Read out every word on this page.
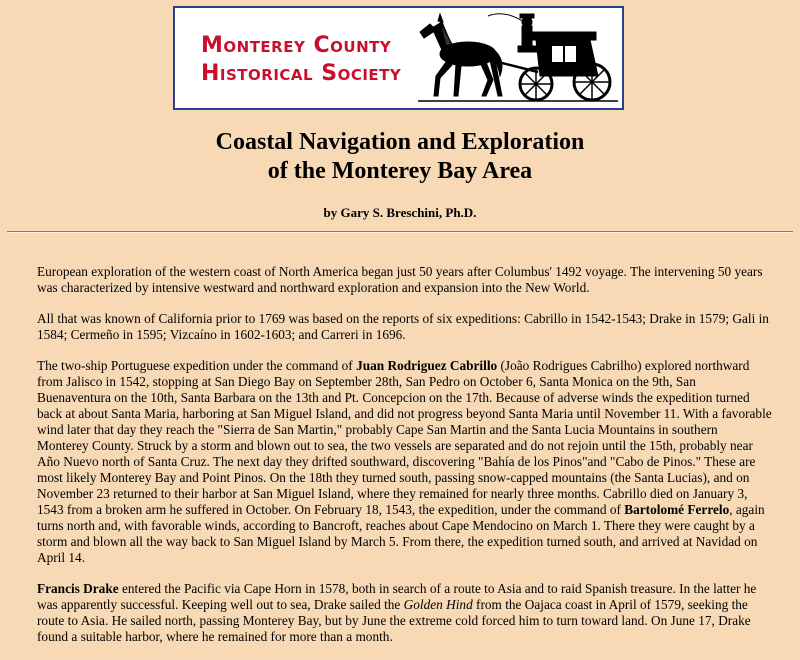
Monterey County
Historical Society
Coastal Navigation and Exploration
of the Monterey Bay Area
by Gary S. Breschini, Ph.D.

European exploration of the western coast of North America began just 50 years after Columbus' 1492 voyage. The intervening 50 years was characterized by intensive westward and northward exploration and expansion into the New World.

All that was known of California prior to 1769 was based on the reports of six expeditions: Cabrillo in 1542-1543; Drake in 1579; Gali in 1584; Cermeño in 1595; Vizcaíno in 1602-1603; and Carreri in 1696.

The two-ship Portuguese expedition under the command of Juan Rodriguez Cabrillo (João Rodrigues Cabrilho) explored northward from Jalisco in 1542, stopping at San Diego Bay on September 28th, San Pedro on October 6, Santa Monica on the 9th, San Buenaventura on the 10th, Santa Barbara on the 13th and Pt. Concepcion on the 17th. Because of adverse winds the expedition turned back at about Santa Maria, harboring at San Miguel Island, and did not progress beyond Santa Maria until November 11. With a favorable wind later that day they reach the "Sierra de San Martin," probably Cape San Martin and the Santa Lucia Mountains in southern Monterey County. Struck by a storm and blown out to sea, the two vessels are separated and do not rejoin until the 15th, probably near Año Nuevo north of Santa Cruz. The next day they drifted southward, discovering "Bahía de los Pinos"and "Cabo de Pinos." These are most likely Monterey Bay and Point Pinos. On the 18th they turned south, passing snow-capped mountains (the Santa Lucias), and on November 23 returned to their harbor at San Miguel Island, where they remained for nearly three months. Cabrillo died on January 3, 1543 from a broken arm he suffered in October. On February 18, 1543, the expedition, under the command of Bartolomé Ferrelo, again turns north and, with favorable winds, according to Bancroft, reaches about Cape Mendocino on March 1. There they were caught by a storm and blown all the way back to San Miguel Island by March 5. From there, the expedition turned south, and arrived at Navidad on April 14.

Francis Drake entered the Pacific via Cape Horn in 1578, both in search of a route to Asia and to raid Spanish treasure. In the latter he was apparently successful. Keeping well out to sea, Drake sailed the Golden Hind from the Oajaca coast in April of 1579, seeking the route to Asia. He sailed north, passing Monterey Bay, but by June the extreme cold forced him to turn toward land. On June 17, Drake found a suitable harbor, where he remained for more than a month.
